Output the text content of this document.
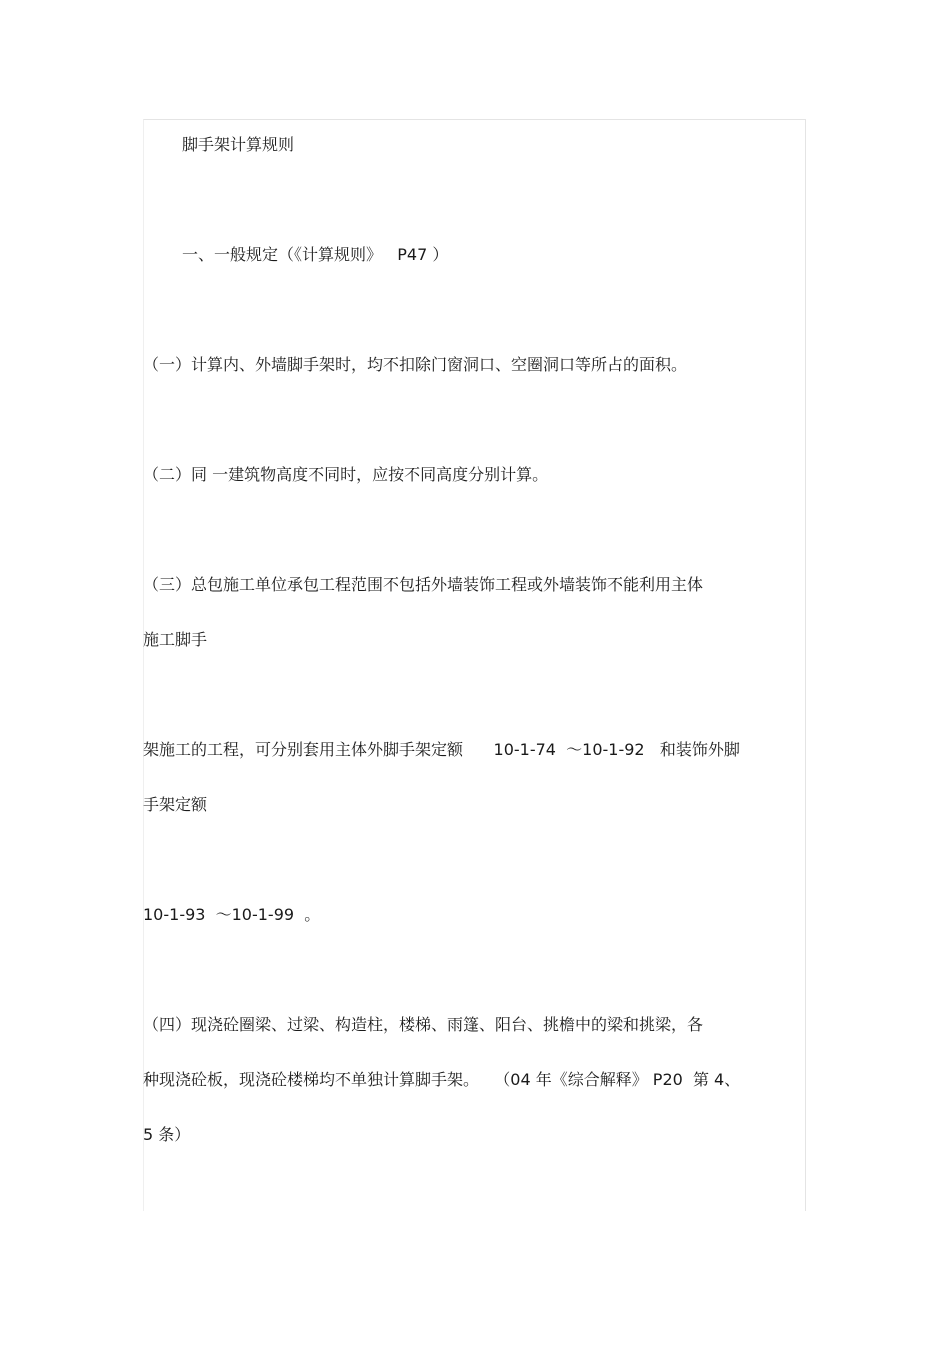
脚手架计算规则
一、一般规定（《计算规则》   P47 ）
（一）计算内、外墙脚手架时，均不扣除门窗洞口、空圈洞口等所占的面积。
（二）同 一建筑物高度不同时，应按不同高度分别计算。
（三）总包施工单位承包工程范围不包括外墙装饰工程或外墙装饰不能利用主体
施工脚手
架施工的工程，可分别套用主体外脚手架定额      10-1-74  ～10-1-92   和装饰外脚
手架定额
10-1-93  ～10-1-99  。
（四）现浇砼圈梁、过梁、构造柱，楼梯、雨篷、阳台、挑檐中的梁和挑梁，各
种现浇砼板，现浇砼楼梯均不单独计算脚手架。   （04 年《综合解释》 P20  第 4、
5 条）
